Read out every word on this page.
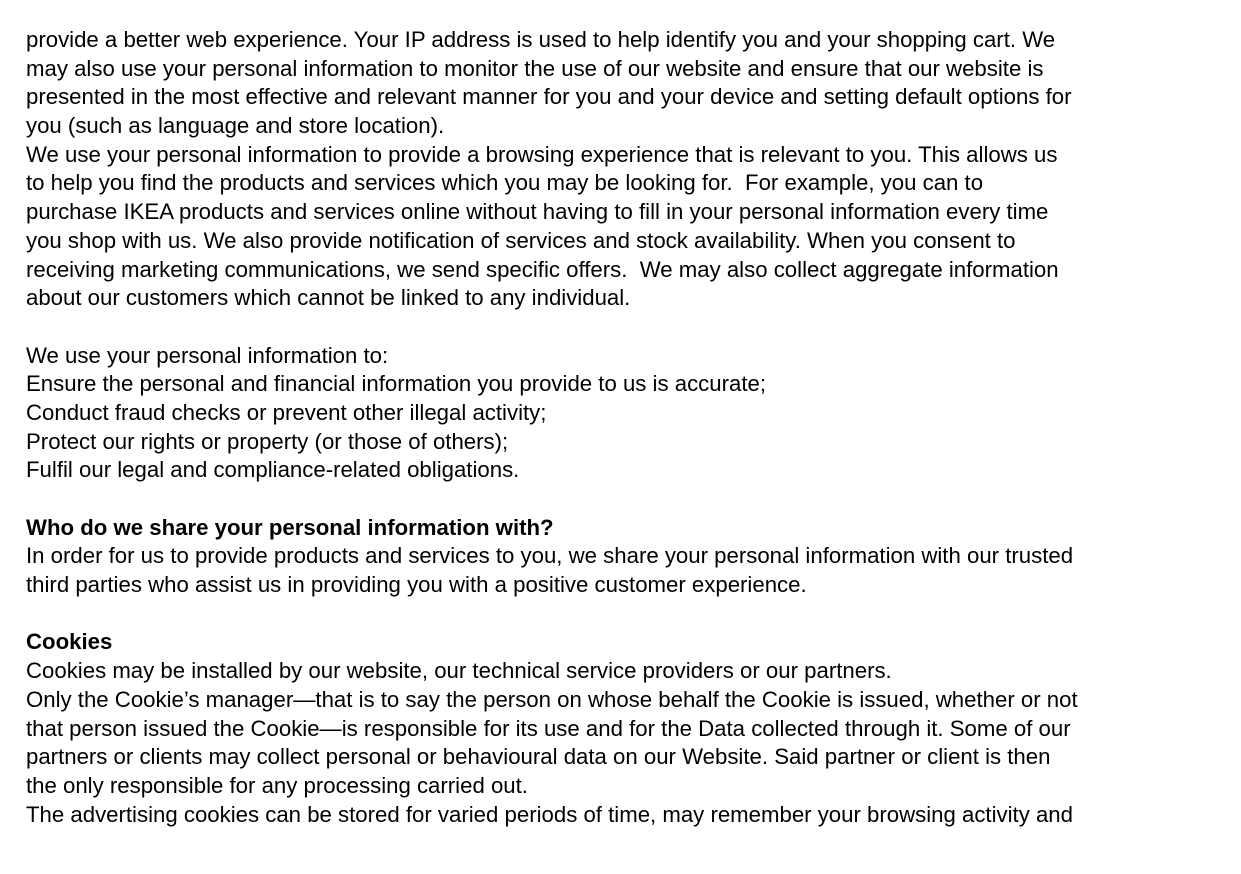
provide a better web experience. Your IP address is used to help identify you and your shopping cart. We
may also use your personal information to monitor the use of our website and ensure that our website is
presented in the most effective and relevant manner for you and your device and setting default options for
you (such as language and store location).
We use your personal information to provide a browsing experience that is relevant to you. This allows us
to help you find the products and services which you may be looking for.  For example, you can to
purchase IKEA products and services online without having to fill in your personal information every time
you shop with us. We also provide notification of services and stock availability. When you consent to
receiving marketing communications, we send specific offers.  We may also collect aggregate information
about our customers which cannot be linked to any individual.
We use your personal information to:
Ensure the personal and financial information you provide to us is accurate;
Conduct fraud checks or prevent other illegal activity;
Protect our rights or property (or those of others);
Fulfil our legal and compliance-related obligations.
Who do we share your personal information with?
In order for us to provide products and services to you, we share your personal information with our trusted
third parties who assist us in providing you with a positive customer experience.
Cookies
Cookies may be installed by our website, our technical service providers or our partners.
Only the Cookie’s manager—that is to say the person on whose behalf the Cookie is issued, whether or not
that person issued the Cookie—is responsible for its use and for the Data collected through it. Some of our
partners or clients may collect personal or behavioural data on our Website. Said partner or client is then
the only responsible for any processing carried out.
The advertising cookies can be stored for varied periods of time, may remember your browsing activity and
